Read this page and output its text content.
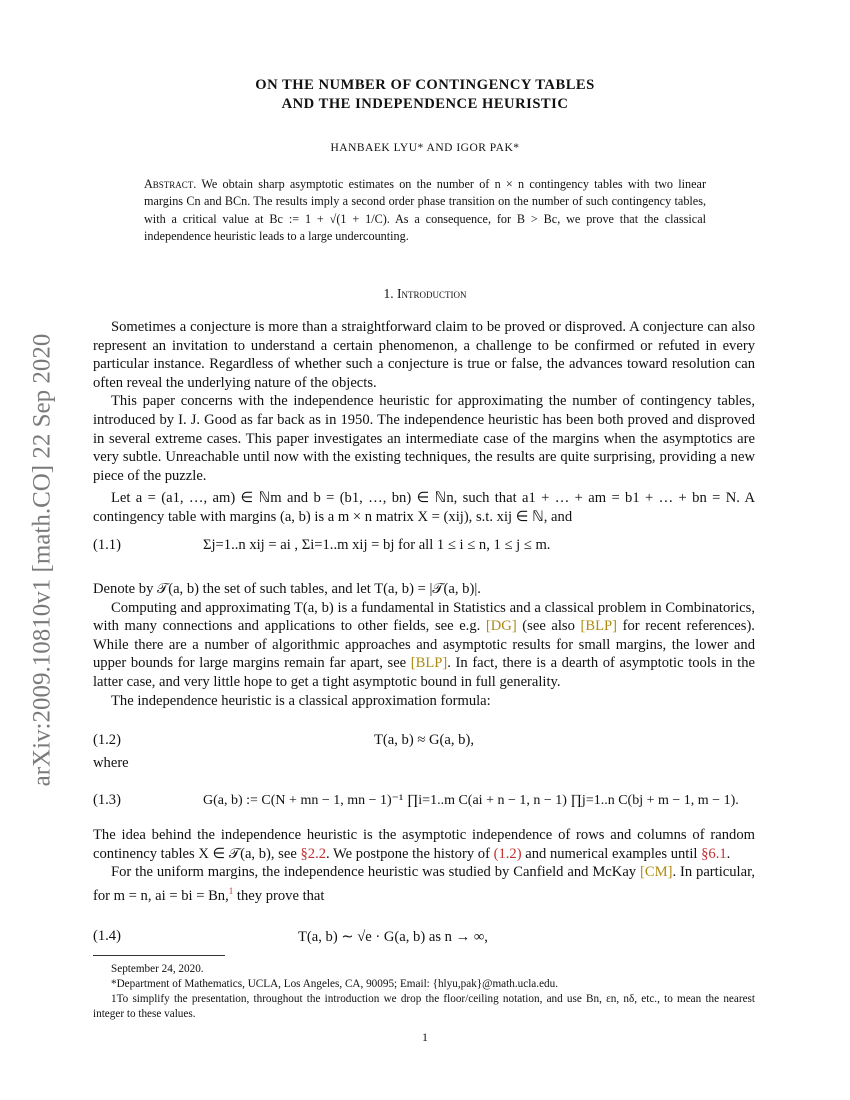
arXiv:2009.10810v1 [math.CO] 22 Sep 2020
ON THE NUMBER OF CONTINGENCY TABLES
AND THE INDEPENDENCE HEURISTIC
HANBAEK LYU* AND IGOR PAK*
Abstract. We obtain sharp asymptotic estimates on the number of n × n contingency tables with two linear margins Cn and BCn. The results imply a second order phase transition on the number of such contingency tables, with a critical value at Bc := 1 + √(1 + 1/C). As a consequence, for B > Bc, we prove that the classical independence heuristic leads to a large undercounting.
1. Introduction

Sometimes a conjecture is more than a straightforward claim to be proved or disproved. A conjecture can also represent an invitation to understand a certain phenomenon, a challenge to be confirmed or refuted in every particular instance. Regardless of whether such a conjecture is true or false, the advances toward resolution can often reveal the underlying nature of the objects.

This paper concerns with the independence heuristic for approximating the number of contingency tables, introduced by I. J. Good as far back as in 1950. The independence heuristic has been both proved and disproved in several extreme cases. This paper investigates an intermediate case of the margins when the asymptotics are very subtle. Unreachable until now with the existing techniques, the results are quite surprising, providing a new piece of the puzzle.

Let a = (a1, …, am) ∈ ℕm and b = (b1, …, bn) ∈ ℕn, such that a1 + … + am = b1 + … + bn = N. A contingency table with margins (a, b) is a m × n matrix X = (xij), s.t. xij ∈ ℕ, and

(1.1)	Σj=1..n xij = ai , Σi=1..m xij = bj for all 1 ≤ i ≤ n, 1 ≤ j ≤ m.

Denote by 𝒯(a, b) the set of such tables, and let T(a, b) = |𝒯(a, b)|.

Computing and approximating T(a, b) is a fundamental in Statistics and a classical problem in Combinatorics, with many connections and applications to other fields, see e.g. [DG] (see also [BLP] for recent references). While there are a number of algorithmic approaches and asymptotic results for small margins, the lower and upper bounds for large margins remain far apart, see [BLP]. In fact, there is a dearth of asymptotic tools in the latter case, and very little hope to get a tight asymptotic bound in full generality.

The independence heuristic is a classical approximation formula:

(1.2)	T(a, b) ≈ G(a, b),

where

(1.3)	G(a, b) := C(N + mn − 1, mn − 1)⁻¹ ∏i=1..m C(ai + n − 1, n − 1) ∏j=1..n C(bj + m − 1, m − 1).

The idea behind the independence heuristic is the asymptotic independence of rows and columns of random continency tables X ∈ 𝒯(a, b), see §2.2. We postpone the history of (1.2) and numerical examples until §6.1.

For the uniform margins, the independence heuristic was studied by Canfield and McKay [CM]. In particular, for m = n, ai = bi = Bn,$^1$ they prove that

(1.4)	T(a, b) ∼ √e · G(a, b) as n → ∞,
September 24, 2020.
*Department of Mathematics, UCLA, Los Angeles, CA, 90095; Email: {hlyu,pak}@math.ucla.edu.
1To simplify the presentation, throughout the introduction we drop the floor/ceiling notation, and use Bn, εn, nδ, etc., to mean the nearest integer to these values.
1
